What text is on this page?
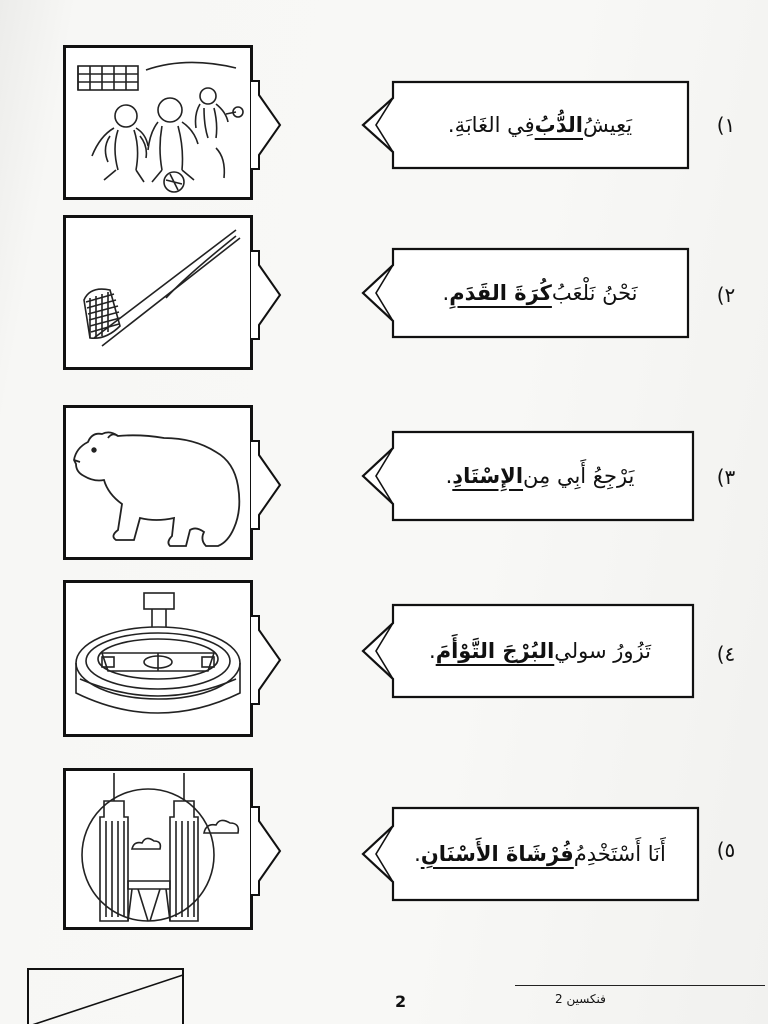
يَعِيشُ
الدُّبُ
فِي الغَابَةِ.	١)
نَحْنُ نَلْعَبُ
كُرَةَ القَدَمِ
.	٢)
يَرْجِعُ أَبِي مِن
الإِسْتَادِ
.	٣)
تَزُورُ سولي
البُرْجَ التَّوْأَمَ
.	٤)
أَنَا أَسْتَخْدِمُ
فُرْشَاةَ الأَسْنَانِ
.	٥)
2	فنكسين 2
